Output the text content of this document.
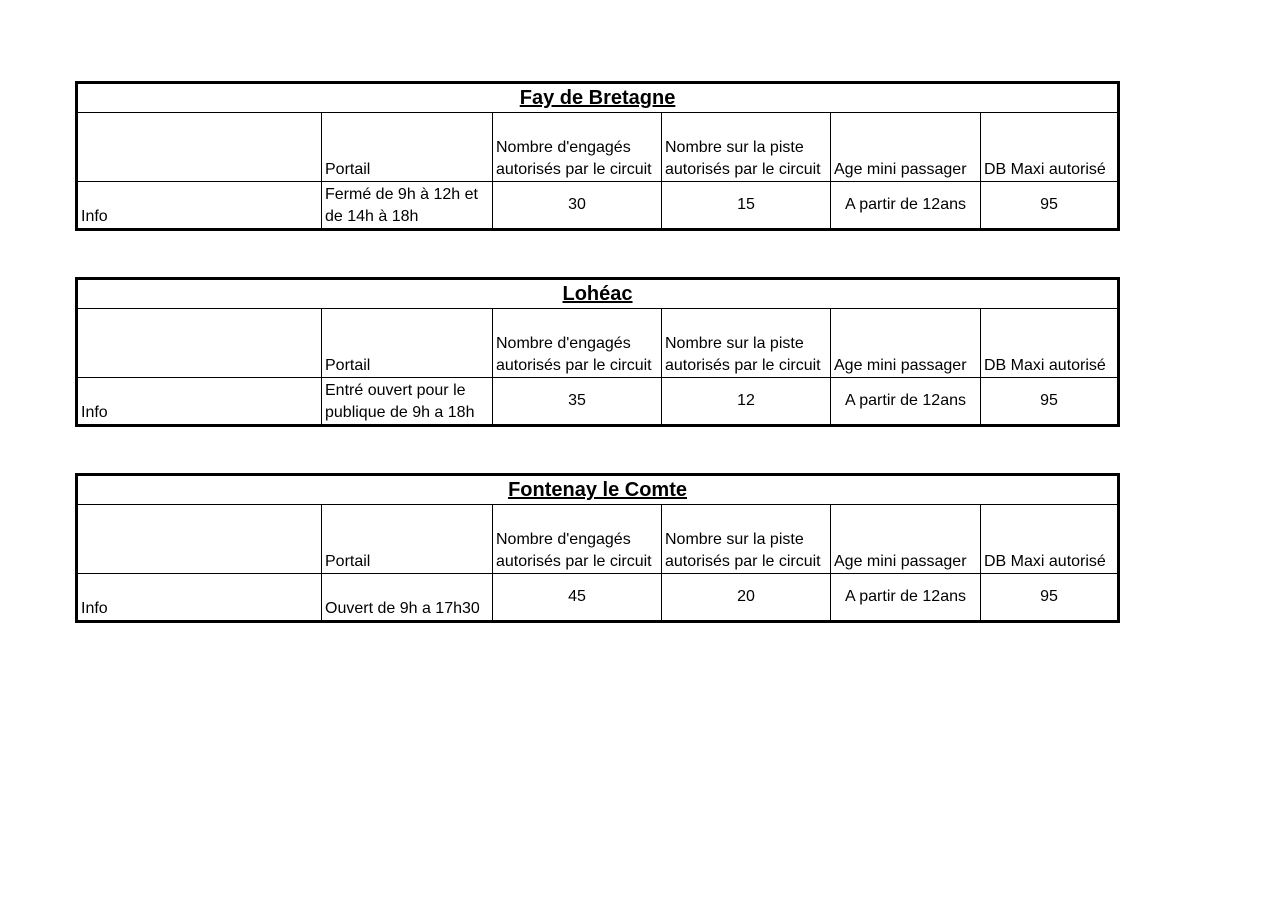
Fay de Bretagne					
	Portail	Nombre d'engagés autorisés par le circuit	Nombre sur la piste autorisés par le circuit	Age mini passager	DB Maxi autorisé
Info	Fermé de 9h à 12h et de 14h à 18h	30	15	A partir de 12ans	95
Lohéac					
	Portail	Nombre d'engagés autorisés par le circuit	Nombre sur la piste autorisés par le circuit	Age mini passager	DB Maxi autorisé
Info	Entré ouvert pour le publique de 9h a 18h	35	12	A partir de 12ans	95
Fontenay le Comte					
	Portail	Nombre d'engagés autorisés par le circuit	Nombre sur la piste autorisés par le circuit	Age mini passager	DB Maxi autorisé
Info	Ouvert de 9h a 17h30	45	20	A partir de 12ans	95
